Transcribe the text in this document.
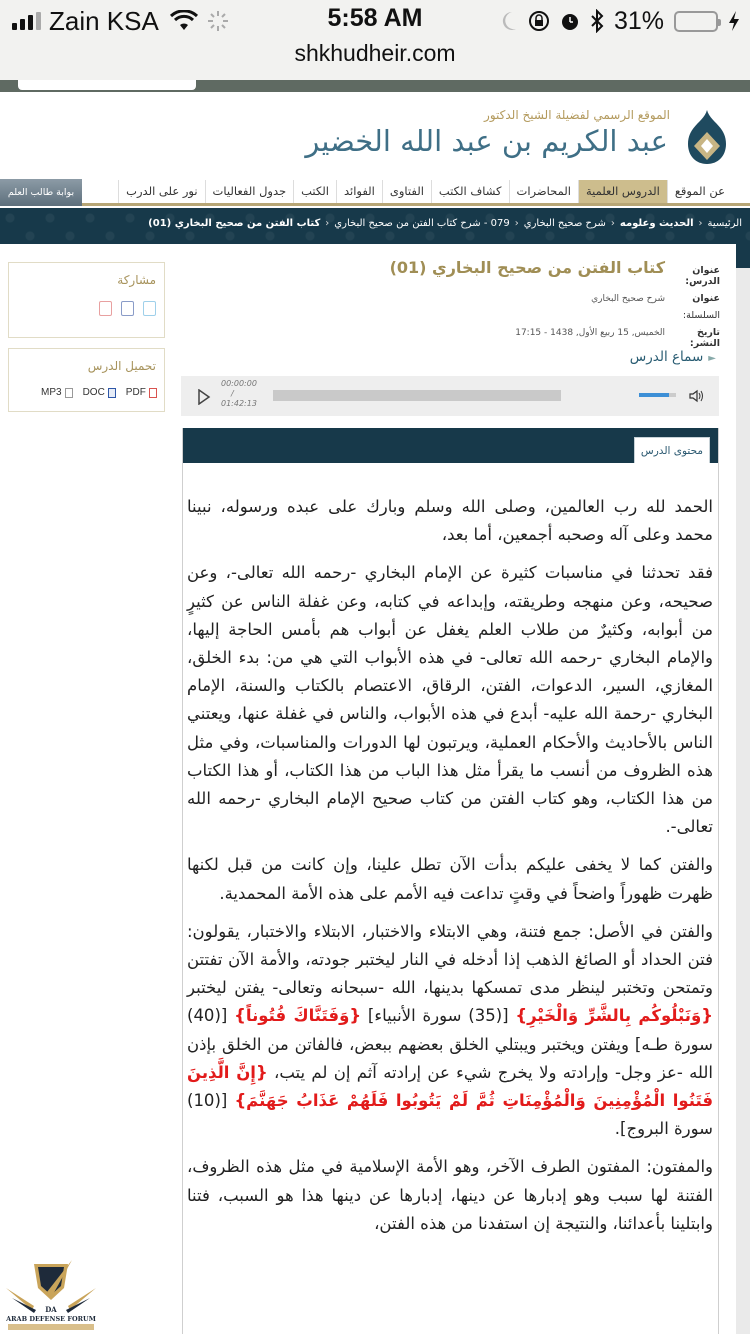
Zain KSA	5:58 AM	31%
shkhudheir.com
الموقع الرسمي لفضيلة الشيخ الدكتور
عبد الكريم بن عبد الله الخضير
عن الموقع
الدروس العلمية
المحاضرات
كشاف الكتب
الفتاوى
الفوائد
الكتب
جدول الفعاليات
نور على الدرب
بوابة طالب العلم
الرئيسية‹الحديث وعلومه‹شرح صحيح البخاري‹079 - شرح كتاب الفتن من صحيح البخاري‹كتاب الفتن من صحيح البخاري (01)
مشاركة
تحميل الدرس
MP3 DOC PDF
عنوان الدرس:
كتاب الفتن من صحيح البخاري (01)
عنوان
شرح صحيح البخاري
السلسلة:
تاريخ النشر:
الخميس, 15 ربيع الأول, 1438 - 17:15
►سماع الدرس
00:00:00
/
01:42:13
محتوى الدرس

الحمد لله رب العالمين، وصلى الله وسلم وبارك على عبده ورسوله، نبينا محمد وعلى آله وصحبه أجمعين، أما بعد،

فقد تحدثنا في مناسبات كثيرة عن الإمام البخاري -رحمه الله تعالى-، وعن صحيحه، وعن منهجه وطريقته، وإبداعه في كتابه، وعن غفلة الناس عن كثيرٍ من أبوابه، وكثيرٌ من طلاب العلم يغفل عن أبواب هم بأمس الحاجة إليها، والإمام البخاري -رحمه الله تعالى- في هذه الأبواب التي هي من: بدء الخلق، المغازي، السير، الدعوات، الفتن، الرقاق، الاعتصام بالكتاب والسنة، الإمام البخاري -رحمة الله عليه- أبدع في هذه الأبواب، والناس في غفلة عنها، ويعتني الناس بالأحاديث والأحكام العملية، ويرتبون لها الدورات والمناسبات، وفي مثل هذه الظروف من أنسب ما يقرأ مثل هذا الباب من هذا الكتاب، أو هذا الكتاب من هذا الكتاب، وهو كتاب الفتن من كتاب صحيح الإمام البخاري -رحمه الله تعالى-.

والفتن كما لا يخفى عليكم بدأت الآن تطل علينا، وإن كانت من قبل لكنها ظهرت ظهوراً واضحاً في وقتٍ تداعت فيه الأمم على هذه الأمة المحمدية.

والفتن في الأصل: جمع فتنة، وهي الابتلاء والاختبار، الابتلاء والاختبار، يقولون: فتن الحداد أو الصائغ الذهب إذا أدخله في النار ليختبر جودته، والأمة الآن تفتتن وتمتحن وتختبر لينظر مدى تمسكها بدينها، الله -سبحانه وتعالى- يفتن ليختبر {وَنَبْلُوكُم بِالشَّرِّ وَالْخَيْرِ} [(35) سورة الأنبياء] {وَفَتَنَّاكَ فُتُوناً} [(40) سورة طـه] ويفتن ويختبر ويبتلي الخلق بعضهم ببعض، فالفاتن من الخلق بإذن الله -عز وجل- وإرادته ولا يخرج شيء عن إرادته آثم إن لم يتب، {إِنَّ الَّذِينَ فَتَنُوا الْمُؤْمِنِينَ وَالْمُؤْمِنَاتِ ثُمَّ لَمْ يَتُوبُوا فَلَهُمْ عَذَابُ جَهَنَّمَ} [(10) سورة البروج].

والمفتون: المفتون الطرف الآخر، وهو الأمة الإسلامية في مثل هذه الظروف، الفتنة لها سبب وهو إدبارها عن دينها، إدبارها عن دينها هذا هو السبب، فتنا وابتلينا بأعدائنا، والنتيجة إن استفدنا من هذه الفتن،

DA
ARAB DEFENSE FORUM
